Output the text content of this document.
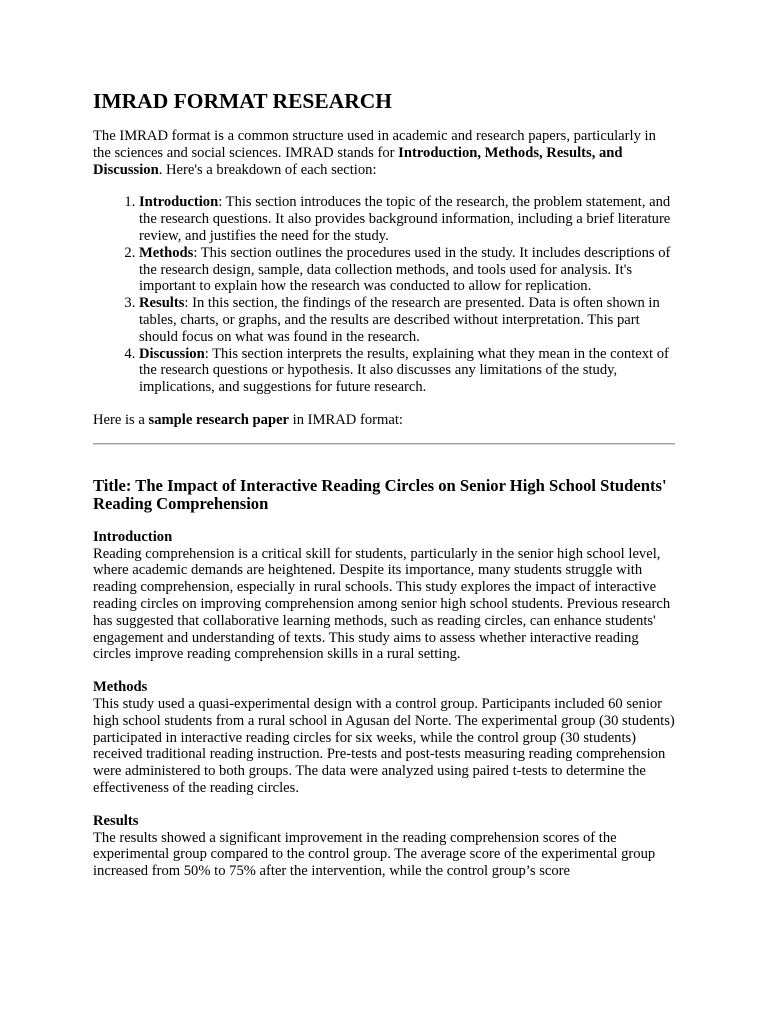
IMRAD FORMAT RESEARCH

The IMRAD format is a common structure used in academic and research papers, particularly in the sciences and social sciences. IMRAD stands for Introduction, Methods, Results, and Discussion. Here's a breakdown of each section:

1. Introduction: This section introduces the topic of the research, the problem statement, and the research questions. It also provides background information, including a brief literature review, and justifies the need for the study.
2. Methods: This section outlines the procedures used in the study. It includes descriptions of the research design, sample, data collection methods, and tools used for analysis. It's important to explain how the research was conducted to allow for replication.
3. Results: In this section, the findings of the research are presented. Data is often shown in tables, charts, or graphs, and the results are described without interpretation. This part should focus on what was found in the research.
4. Discussion: This section interprets the results, explaining what they mean in the context of the research questions or hypothesis. It also discusses any limitations of the study, implications, and suggestions for future research.

Here is a sample research paper in IMRAD format:

Title: The Impact of Interactive Reading Circles on Senior High School Students' Reading Comprehension
Introduction

Reading comprehension is a critical skill for students, particularly in the senior high school level, where academic demands are heightened. Despite its importance, many students struggle with reading comprehension, especially in rural schools. This study explores the impact of interactive reading circles on improving comprehension among senior high school students. Previous research has suggested that collaborative learning methods, such as reading circles, can enhance students' engagement and understanding of texts. This study aims to assess whether interactive reading circles improve reading comprehension skills in a rural setting.

Methods

This study used a quasi-experimental design with a control group. Participants included 60 senior high school students from a rural school in Agusan del Norte. The experimental group (30 students) participated in interactive reading circles for six weeks, while the control group (30 students) received traditional reading instruction. Pre-tests and post-tests measuring reading comprehension were administered to both groups. The data were analyzed using paired t-tests to determine the effectiveness of the reading circles.

Results

The results showed a significant improvement in the reading comprehension scores of the experimental group compared to the control group. The average score of the experimental group increased from 50% to 75% after the intervention, while the control group’s score
